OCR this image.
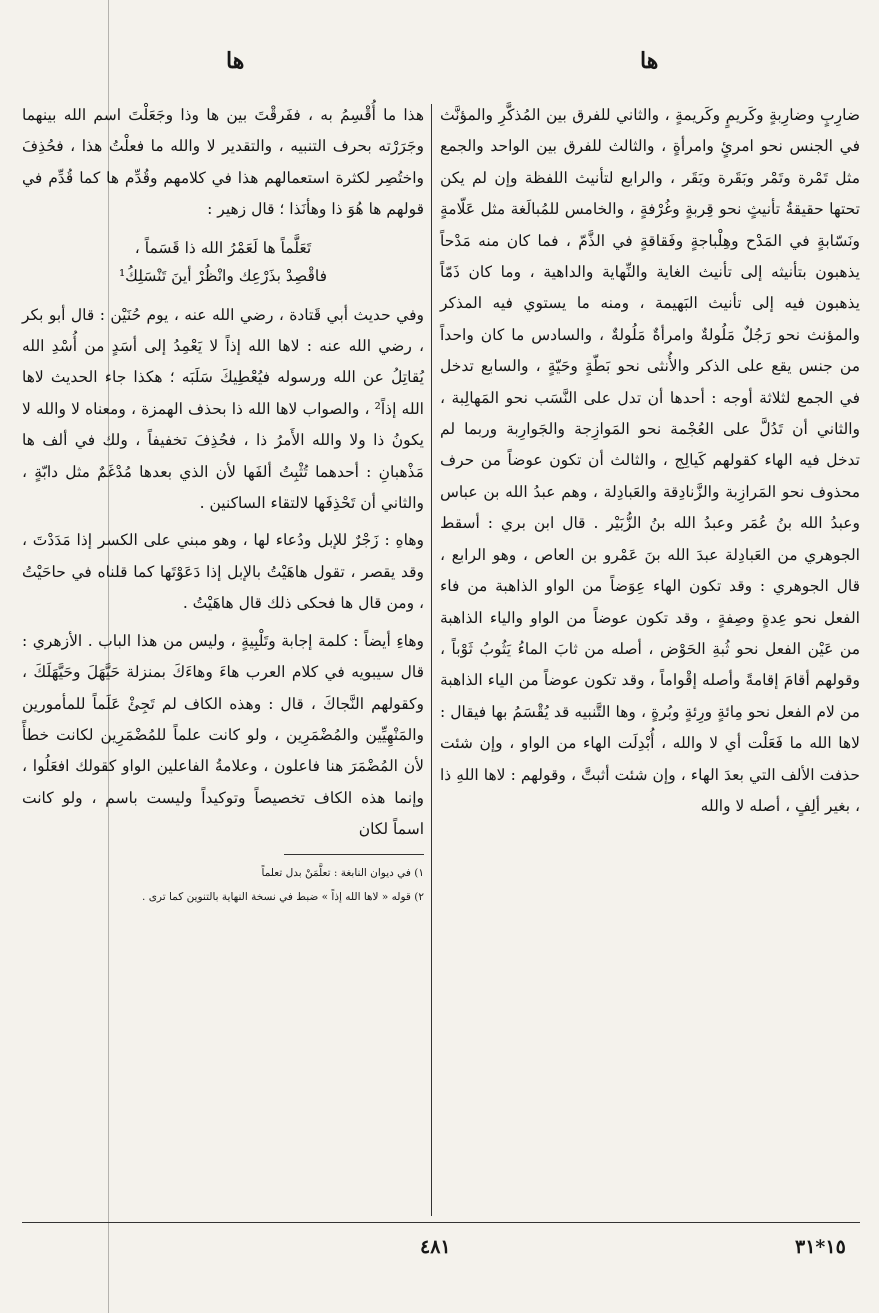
ها
ها

ضارِبٍ وضارِبةٍ وكَريمٍ وكَريمةٍ ، والثاني للفرق بين المُذكَّرِ والمؤنَّث في الجنس نحو امرئٍ وامرأةٍ ، والثالث للفرق بين الواحد والجمع مثل تَمْرة وتَمْر وبَقَرة وبَقَر ، والرابع لتأنيث اللفظة وإن لم يكن تحتها حقيقةُ تأنيثٍ نحو قِربةٍ وغُرْفةٍ ، والخامس للمُبالَغة مثل عَلّامةٍ ونَسّابةٍ في المَدْح وهِلْباجةٍ وفَقاقةٍ في الذَّمّ ، فما كان منه مَدْحاً يذهبون بتأنيثه إلى تأنيث الغاية والنِّهاية والداهية ، وما كان ذَمّاً يذهبون فيه إلى تأنيث البَهيمة ، ومنه ما يستوي فيه المذكر والمؤنث نحو رَجُلٌ مَلُولةٌ وامرأةٌ مَلُولةٌ ، والسادس ما كان واحداً من جنس يقع على الذكر والأُنثى نحو بَطّةٍ وحَيّةٍ ، والسابع تدخل في الجمع لثلاثة أوجه : أحدها أن تدل على النَّسَب نحو المَهالِبة ، والثاني أن تَدُلَّ على العُجْمة نحو المَوازِجة والجَوارِبة وربما لم تدخل فيه الهاء كقولهم كَيالِج ، والثالث أن تكون عوضاً من حرف محذوف نحو المَرازِبة والزَّنادِقة والعَبادِلة ، وهم عبدُ الله بن عباس وعبدُ الله بنُ عُمَر وعبدُ الله بنُ الزُّبَيْر . قال ابن بري : أسقط الجوهري من العَبادِلة عبدَ الله بنَ عَمْرو بن العاص ، وهو الرابع ، قال الجوهري : وقد تكون الهاء عِوَضاً من الواو الذاهبة من فاء الفعل نحو عِدةٍ وصِفةٍ ، وقد تكون عوضاً من الواو والياء الذاهبة من عَيْن الفعل نحو ثُبةِ الحَوْض ، أصله من ثابَ الماءُ يَثُوبُ ثَوْباً ، وقولهم أقامَ إقامةً وأصله إقْواماً ، وقد تكون عوضاً من الياء الذاهبة من لام الفعل نحو مِائةٍ ورِئةٍ وبُرةٍ ، وها التَّنبيه قد يُقْسَمُ بها فيقال : لاها الله ما فَعَلْت أي لا والله ، أُبْدِلَت الهاء من الواو ، وإن شئت حذفت الألف التي بعدَ الهاء ، وإن شئت أثبتَّ ، وقولهم : لاها اللهِ ذا ، بغير ألِفٍ ، أصله لا والله

هذا ما أُقْسِمُ به ، ففَرقْتَ بين ها وذا وجَعَلْتَ اسم الله بينهما وجَرَرْته بحرف التنبيه ، والتقدير لا والله ما فعلْتُ هذا ، فحُذِفَ واختُصِر لكثرة استعمالهم هذا في كلامهم وقُدِّم ها كما قُدِّم في قولهم ها هُوَ ذا وهأنَذا ؛ قال زهير :

تَعَلَّماً ها لَعَمْرُ الله ذا قَسَماً ،
فاقْصِدْ بذَرْعِك وانْظُرْ أينَ تَنْسَلِكُ¹

وفي حديث أبي قَتادة ، رضي الله عنه ، يوم حُنَيْن : قال أبو بكر ، رضي الله عنه : لاها الله إذاً لا يَعْمِدُ إلى أسَدٍ من أُسْدِ الله يُقاتِلُ عن الله ورسوله فيُعْطِيكَ سَلَبَه ؛ هكذا جاء الحديث لاها الله إذاً² ، والصواب لاها الله ذا بحذف الهمزة ، ومعناه لا والله لا يكونُ ذا ولا والله الأَمرُ ذا ، فحُذِفَ تخفيفاً ، ولك في ألف ها مَذْهبانِ : أحدهما تُثْبِتُ ألفَها لأن الذي بعدها مُدْغَمٌ مثل دابّةٍ ، والثاني أن تَحْذِفَها لالتقاء الساكنين .

وهاهِ : زَجْرٌ للإبل ودُعاء لها ، وهو مبني على الكسر إذا مَدَدْتَ ، وقد يقصر ، تقول هاهَيْتُ بالإبل إذا دَعَوْتَها كما قلناه في حاحَيْتُ ، ومن قال ها فحكى ذلك قال هاهَيْتُ .

وهاءِ أيضاً : كلمة إجابة وتَلْبِيةٍ ، وليس من هذا الباب . الأزهري : قال سيبويه في كلام العرب هاءَ وهاءَكَ بمنزلة حَيَّهَلَ وحَيَّهَلَكَ ، وكقولهم النَّجاكَ ، قال : وهذه الكاف لم تَجِئْ عَلَماً للمأمورين والمَنْهِيِّين والمُضْمَرِين ، ولو كانت علماً للمُضْمَرِين لكانت خطأً لأن المُضْمَرَ هنا فاعلون ، وعلامةُ الفاعلين الواو كقولك افعَلُوا ، وإنما هذه الكاف تخصيصاً وتوكيداً وليست باسم ، ولو كانت اسماً لكان

١) في ديوان النابغة : تعلَّمَنْ بدل تعلماً
٢) قوله « لاها الله إذاً » ضبط في نسخة النهاية بالتنوين كما ترى .
٤٨١	١٥*٣١
